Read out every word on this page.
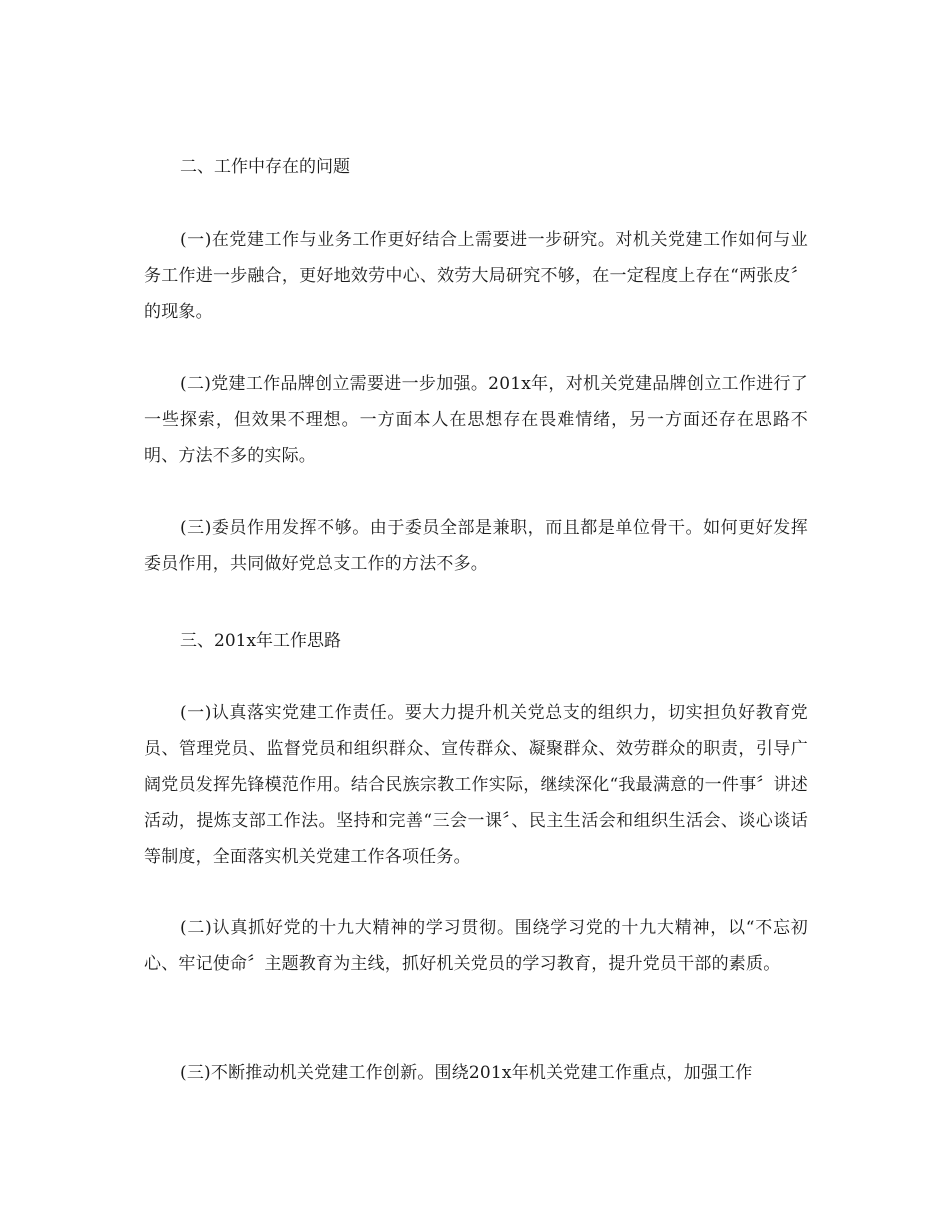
二、工作中存在的问题

(一)在党建工作与业务工作更好结合上需要进一步研究。对机关党建工作如何与业务工作进一步融合，更好地效劳中心、效劳大局研究不够，在一定程度上存在“两张皮〞的现象。

(二)党建工作品牌创立需要进一步加强。201x年，对机关党建品牌创立工作进行了一些探索，但效果不理想。一方面本人在思想存在畏难情绪，另一方面还存在思路不明、方法不多的实际。

(三)委员作用发挥不够。由于委员全部是兼职，而且都是单位骨干。如何更好发挥委员作用，共同做好党总支工作的方法不多。

三、201x年工作思路

(一)认真落实党建工作责任。要大力提升机关党总支的组织力，切实担负好教育党员、管理党员、监督党员和组织群众、宣传群众、凝聚群众、效劳群众的职责，引导广阔党员发挥先锋模范作用。结合民族宗教工作实际，继续深化“我最满意的一件事〞讲述活动，提炼支部工作法。坚持和完善“三会一课〞、民主生活会和组织生活会、谈心谈话等制度，全面落实机关党建工作各项任务。

(二)认真抓好党的十九大精神的学习贯彻。围绕学习党的十九大精神，以“不忘初心、牢记使命〞主题教育为主线，抓好机关党员的学习教育，提升党员干部的素质。

(三)不断推动机关党建工作创新。围绕201x年机关党建工作重点，加强工作
